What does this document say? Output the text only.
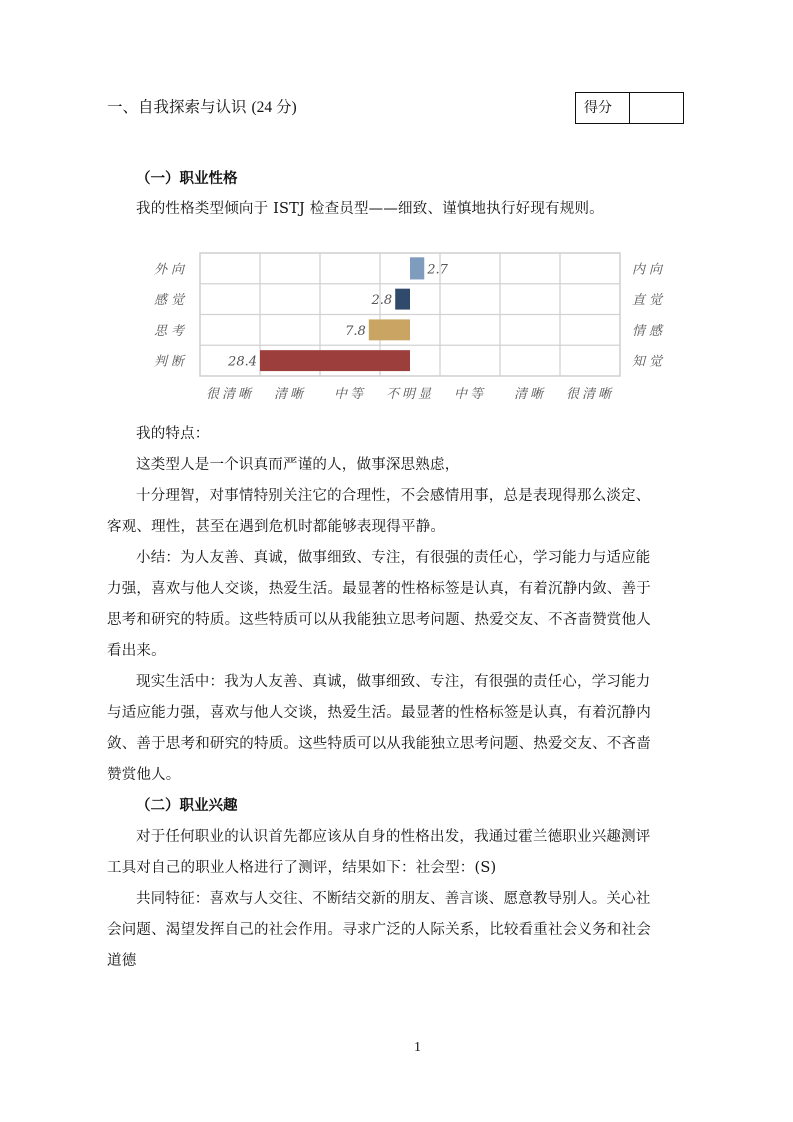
一、自我探索与认识 (24 分)	得分
（一）职业性格
我的性格类型倾向于 ISTJ 检查员型——细致、谨慎地执行好现有规则。
2.7
2.8
7.8
28.4
外向
感觉
思考
判断
内向
直觉
情感
知觉
很清晰 清晰 中等 不明显 中等 清晰 很清晰
我的特点：
这类型人是一个识真而严谨的人，做事深思熟虑，
十分理智，对事情特别关注它的合理性，不会感情用事，总是表现得那么淡定、
客观、理性，甚至在遇到危机时都能够表现得平静。
小结：为人友善、真诚，做事细致、专注，有很强的责任心，学习能力与适应能
力强，喜欢与他人交谈，热爱生活。最显著的性格标签是认真，有着沉静内敛、善于
思考和研究的特质。这些特质可以从我能独立思考问题、热爱交友、不吝啬赞赏他人
看出来。
现实生活中：我为人友善、真诚，做事细致、专注，有很强的责任心，学习能力
与适应能力强，喜欢与他人交谈，热爱生活。最显著的性格标签是认真，有着沉静内
敛、善于思考和研究的特质。这些特质可以从我能独立思考问题、热爱交友、不吝啬
赞赏他人。
（二）职业兴趣
对于任何职业的认识首先都应该从自身的性格出发，我通过霍兰德职业兴趣测评
工具对自己的职业人格进行了测评，结果如下：社会型：(S)
共同特征：喜欢与人交往、不断结交新的朋友、善言谈、愿意教导别人。关心社
会问题、渴望发挥自己的社会作用。寻求广泛的人际关系，比较看重社会义务和社会
道德
1
